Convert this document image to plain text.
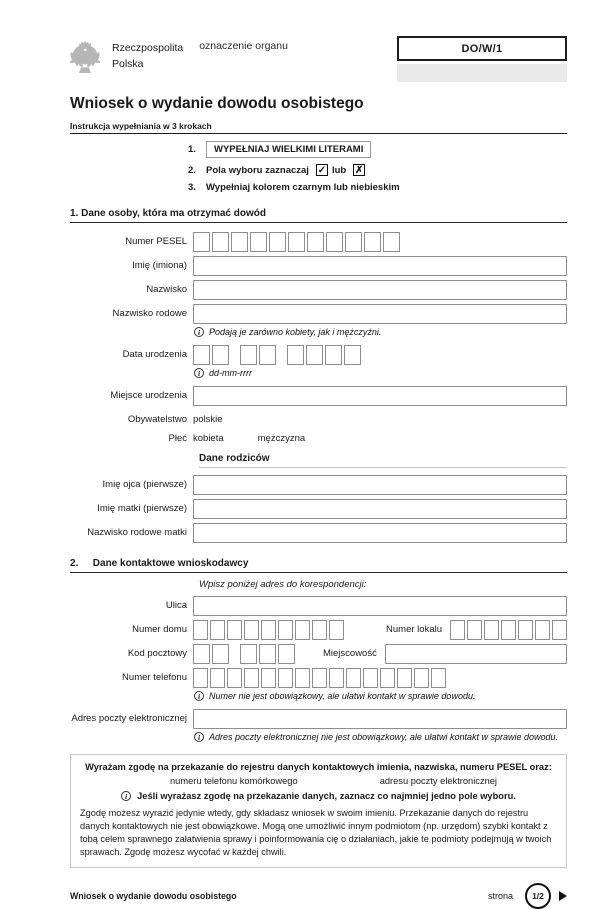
Rzeczpospolita
Polska
oznaczenie organu	DO/W/1
Wniosek o wydanie dowodu osobistego
Instrukcja wypełniania w 3 krokach
1.	WYPEŁNIAJ WIELKIMI LITERAMI
2.	Pola wyboru zaznaczaj ✓ lub ✗
3.	Wypełniaj kolorem czarnym lub niebieskim
1. Dane osoby, która ma otrzymać dowód
Numer PESEL
Imię (imiona)
Nazwisko
Nazwisko rodowe
i Podają je zarówno kobiety, jak i mężczyźni.
Data urodzenia
i dd-mm-rrrr
Miejsce urodzenia
Obywatelstwo polskie
Płeć kobieta	mężczyzna
Dane rodziców
Imię ojca (pierwsze)
Imię matki (pierwsze)
Nazwisko rodowe matki
2. Dane kontaktowe wnioskodawcy
Wpisz poniżej adres do korespondencji:
Ulica
Numer domu	Numer lokalu
Kod pocztowy	Miejscowość
Numer telefonu
i Numer nie jest obowiązkowy, ale ułatwi kontakt w sprawie dowodu.
Adres poczty elektronicznej
i Adres poczty elektronicznej nie jest obowiązkowy, ale ułatwi kontakt w sprawie dowodu.
Wyrażam zgodę na przekazanie do rejestru danych kontaktowych imienia, nazwiska, numeru PESEL oraz:
numeru telefonu komórkowego	adresu poczty elektronicznej
i	Jeśli wyrażasz zgodę na przekazanie danych, zaznacz co najmniej jedno pole wyboru.
Zgodę możesz wyrazić jedynie wtedy, gdy składasz wniosek w swoim imieniu. Przekazanie danych do rejestru danych kontaktowych nie jest obowiązkowe. Mogą one umożliwić innym podmiotom (np. urzędom) szybki kontakt z tobą celem sprawnego załatwienia sprawy i poinformowania cię o działaniach, jakie te podmioty podejmują w twoich sprawach. Zgodę możesz wycofać w każdej chwili.
Wniosek o wydanie dowodu osobistego	strona	1/2
